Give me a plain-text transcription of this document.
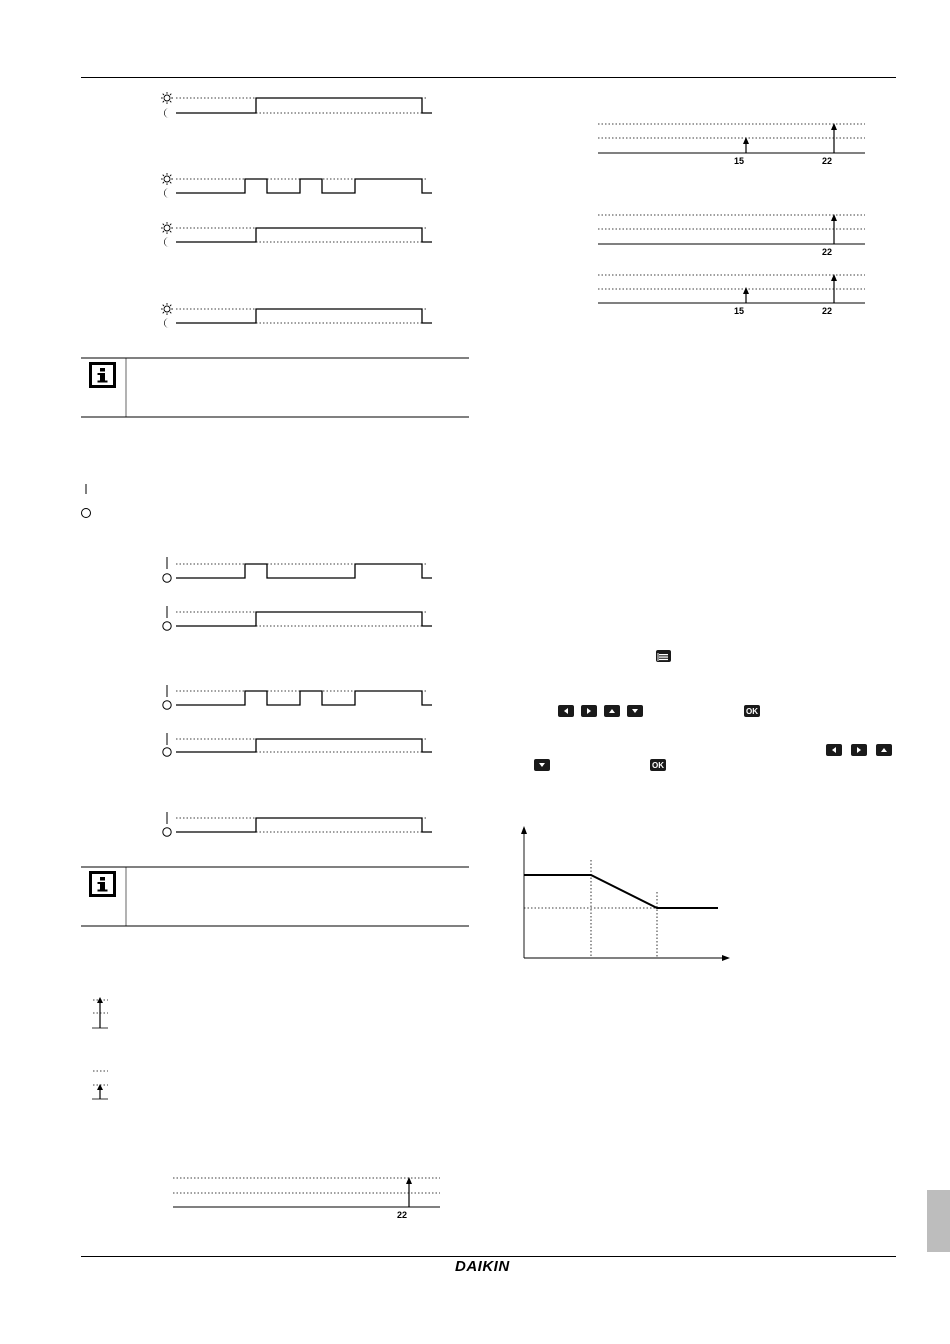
22
15	22
22
15	22
OK
OK
DAIKIN
